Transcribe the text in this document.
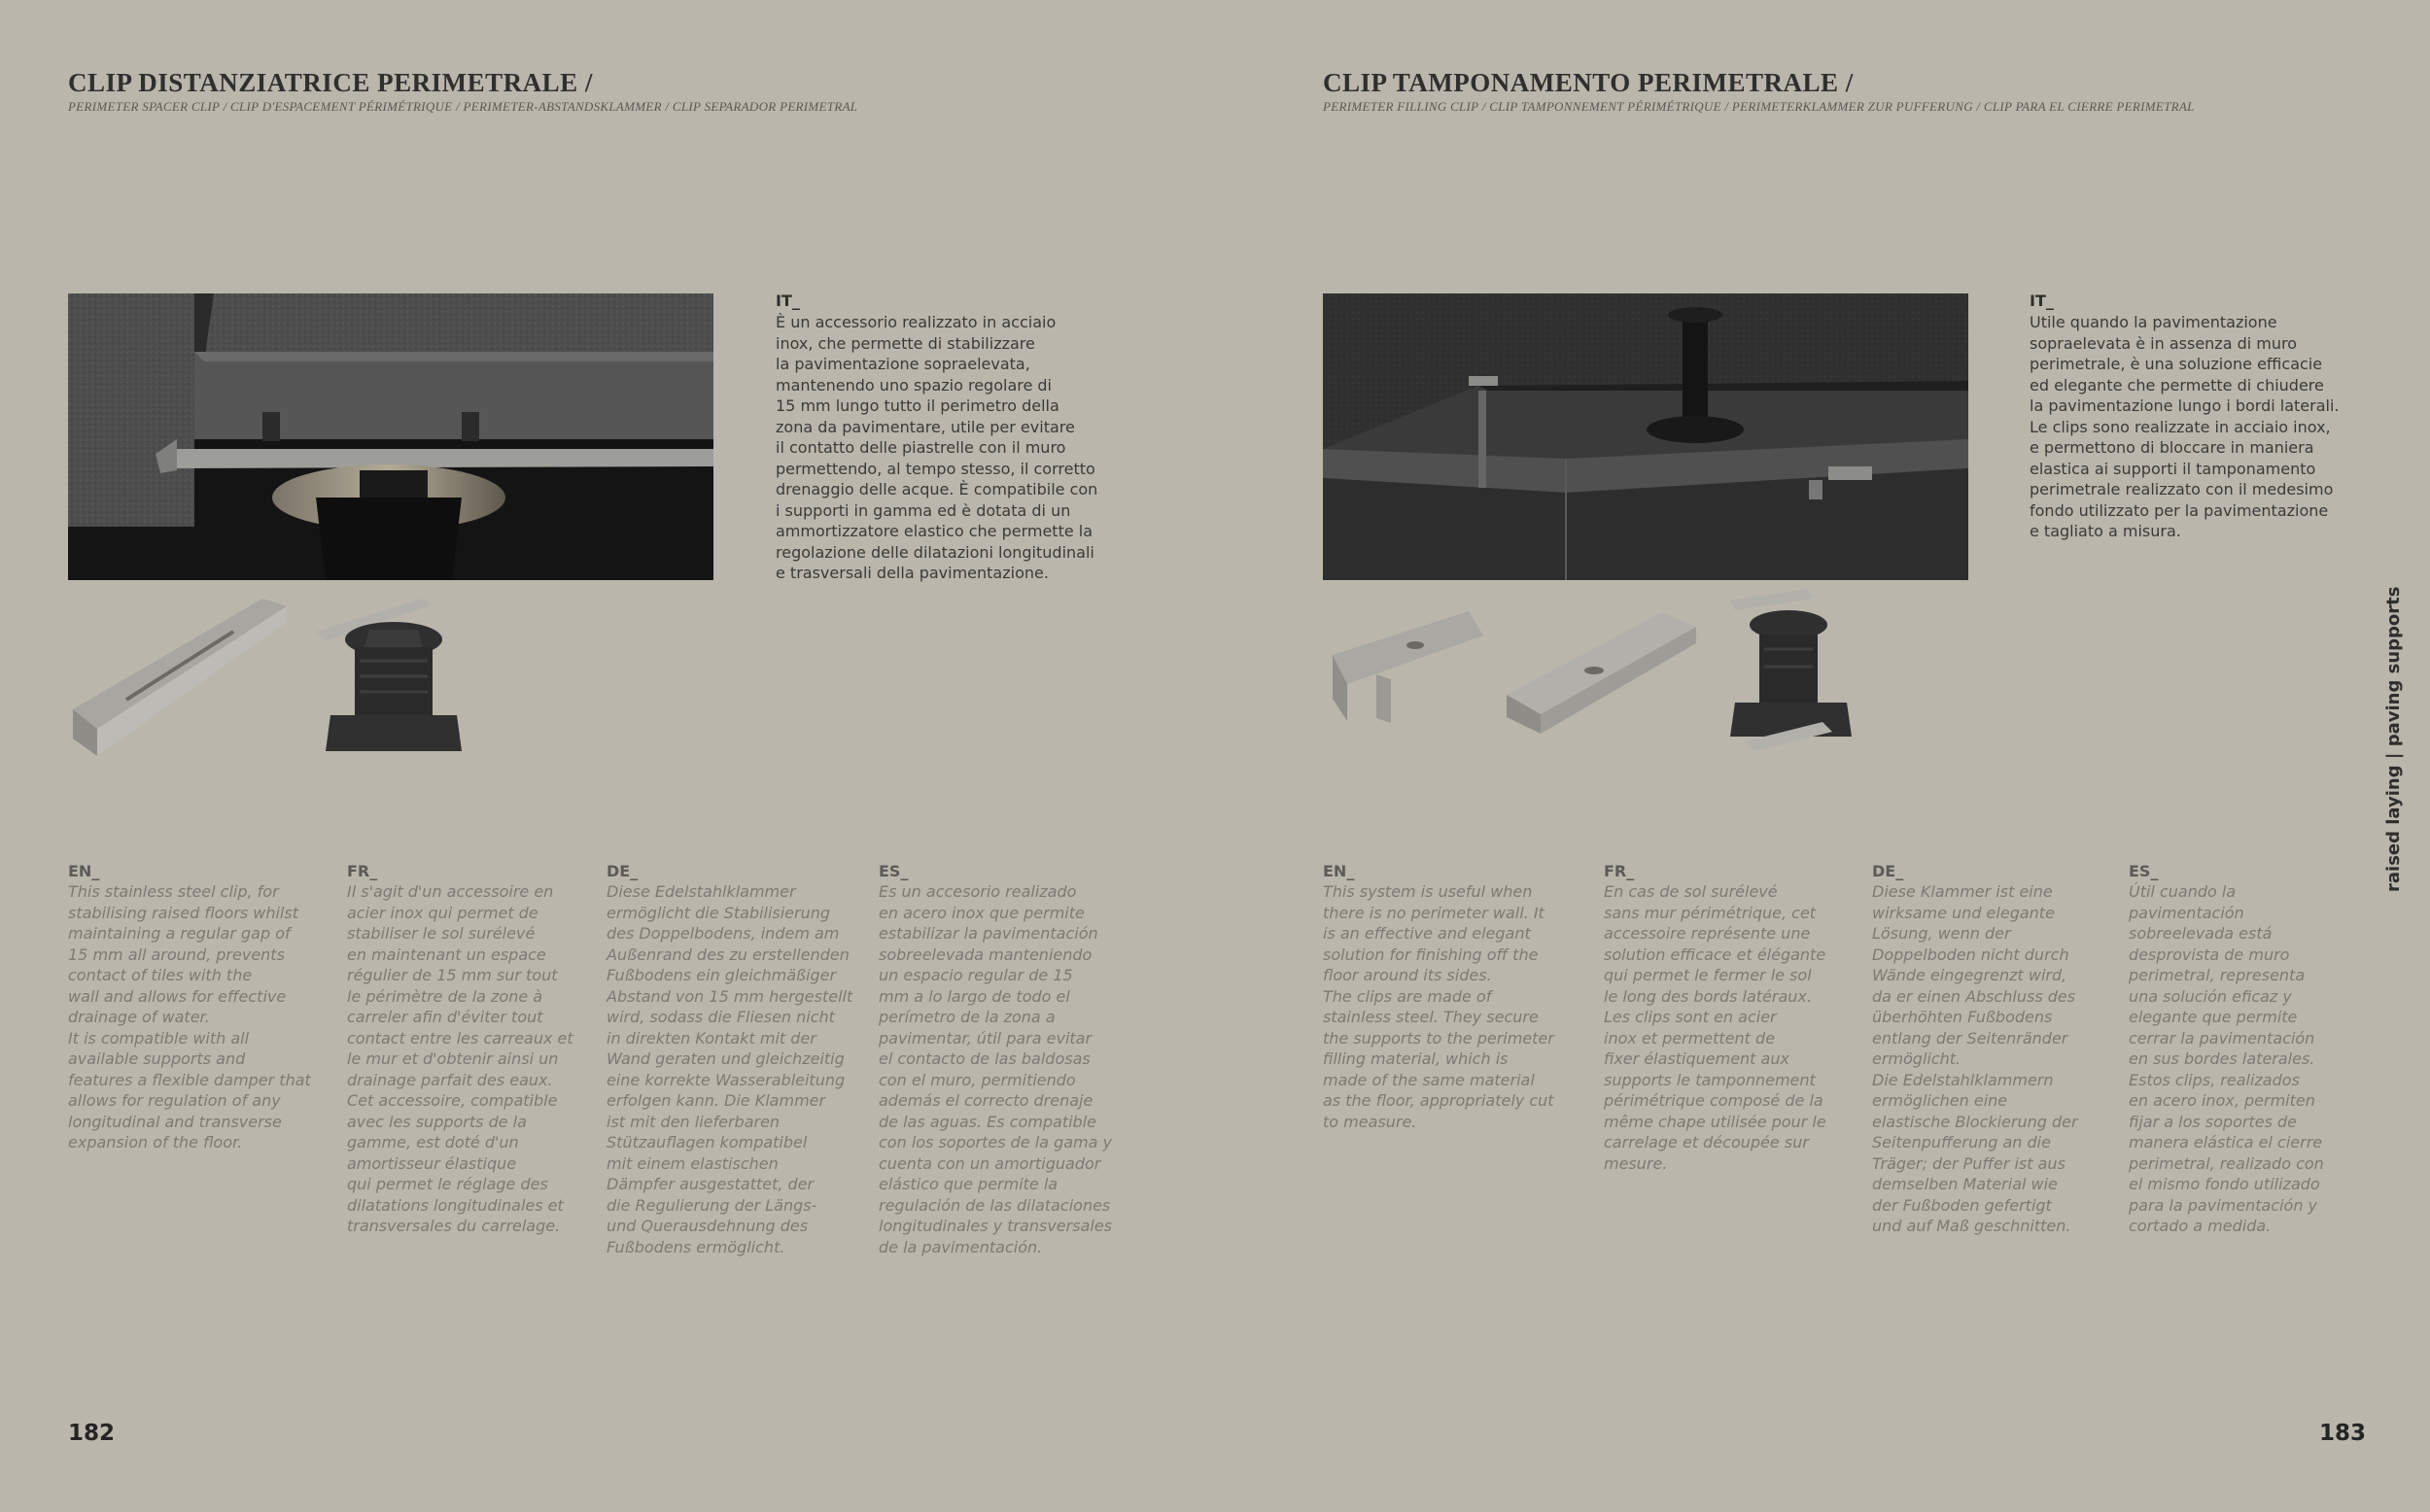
CLIP DISTANZIATRICE PERIMETRALE /
PERIMETER SPACER CLIP / CLIP D'ESPACEMENT PÉRIMÉTRIQUE / PERIMETER-ABSTANDSKLAMMER / CLIP SEPARADOR PERIMETRAL
IT_
È un accessorio realizzato in acciaio
inox, che permette di stabilizzare
la pavimentazione sopraelevata,
mantenendo uno spazio regolare di
15 mm lungo tutto il perimetro della
zona da pavimentare, utile per evitare
il contatto delle piastrelle con il muro
permettendo, al tempo stesso, il corretto
drenaggio delle acque. È compatibile con
i supporti in gamma ed è dotata di un
ammortizzatore elastico che permette la
regolazione delle dilatazioni longitudinali
e trasversali della pavimentazione.
EN_
This stainless steel clip, for
stabilising raised floors whilst
maintaining a regular gap of
15 mm all around, prevents
contact of tiles with the
wall and allows for effective
drainage of water.
It is compatible with all
available supports and
features a flexible damper that
allows for regulation of any
longitudinal and transverse
expansion of the floor.
FR_
Il s'agit d'un accessoire en
acier inox qui permet de
stabiliser le sol surélevé
en maintenant un espace
régulier de 15 mm sur tout
le périmètre de la zone à
carreler afin d'éviter tout
contact entre les carreaux et
le mur et d'obtenir ainsi un
drainage parfait des eaux.
Cet accessoire, compatible
avec les supports de la
gamme, est doté d'un
amortisseur élastique
qui permet le réglage des
dilatations longitudinales et
transversales du carrelage.
DE_
Diese Edelstahlklammer
ermöglicht die Stabilisierung
des Doppelbodens, indem am
Außenrand des zu erstellenden
Fußbodens ein gleichmäßiger
Abstand von 15 mm hergestellt
wird, sodass die Fliesen nicht
in direkten Kontakt mit der
Wand geraten und gleichzeitig
eine korrekte Wasserableitung
erfolgen kann. Die Klammer
ist mit den lieferbaren
Stützauflagen kompatibel
mit einem elastischen
Dämpfer ausgestattet, der
die Regulierung der Längs-
und Querausdehnung des
Fußbodens ermöglicht.
ES_
Es un accesorio realizado
en acero inox que permite
estabilizar la pavimentación
sobreelevada manteniendo
un espacio regular de 15
mm a lo largo de todo el
perímetro de la zona a
pavimentar, útil para evitar
el contacto de las baldosas
con el muro, permitiendo
además el correcto drenaje
de las aguas. Es compatible
con los soportes de la gama y
cuenta con un amortiguador
elástico que permite la
regulación de las dilataciones
longitudinales y transversales
de la pavimentación.
182
CLIP TAMPONAMENTO PERIMETRALE /
PERIMETER FILLING CLIP / CLIP TAMPONNEMENT PÉRIMÉTRIQUE / PERIMETERKLAMMER ZUR PUFFERUNG / CLIP PARA EL CIERRE PERIMETRAL
IT_
Utile quando la pavimentazione
sopraelevata è in assenza di muro
perimetrale, è una soluzione efficacie
ed elegante che permette di chiudere
la pavimentazione lungo i bordi laterali.
Le clips sono realizzate in acciaio inox,
e permettono di bloccare in maniera
elastica ai supporti il tamponamento
perimetrale realizzato con il medesimo
fondo utilizzato per la pavimentazione
e tagliato a misura.
EN_
This system is useful when
there is no perimeter wall. It
is an effective and elegant
solution for finishing off the
floor around its sides.
The clips are made of
stainless steel. They secure
the supports to the perimeter
filling material, which is
made of the same material
as the floor, appropriately cut
to measure.
FR_
En cas de sol surélevé
sans mur périmétrique, cet
accessoire représente une
solution efficace et élégante
qui permet le fermer le sol
le long des bords latéraux.
Les clips sont en acier
inox et permettent de
fixer élastiquement aux
supports le tamponnement
périmétrique composé de la
même chape utilisée pour le
carrelage et découpée sur
mesure.
DE_
Diese Klammer ist eine
wirksame und elegante
Lösung, wenn der
Doppelboden nicht durch
Wände eingegrenzt wird,
da er einen Abschluss des
überhöhten Fußbodens
entlang der Seitenränder
ermöglicht.
Die Edelstahlklammern
ermöglichen eine
elastische Blockierung der
Seitenpufferung an die
Träger; der Puffer ist aus
demselben Material wie
der Fußboden gefertigt
und auf Maß geschnitten.
ES_
Útil cuando la
pavimentación
sobreelevada está
desprovista de muro
perimetral, representa
una solución eficaz y
elegante que permite
cerrar la pavimentación
en sus bordes laterales.
Estos clips, realizados
en acero inox, permiten
fijar a los soportes de
manera elástica el cierre
perimetral, realizado con
el mismo fondo utilizado
para la pavimentación y
cortado a medida.
183
raised laying | paving supports
